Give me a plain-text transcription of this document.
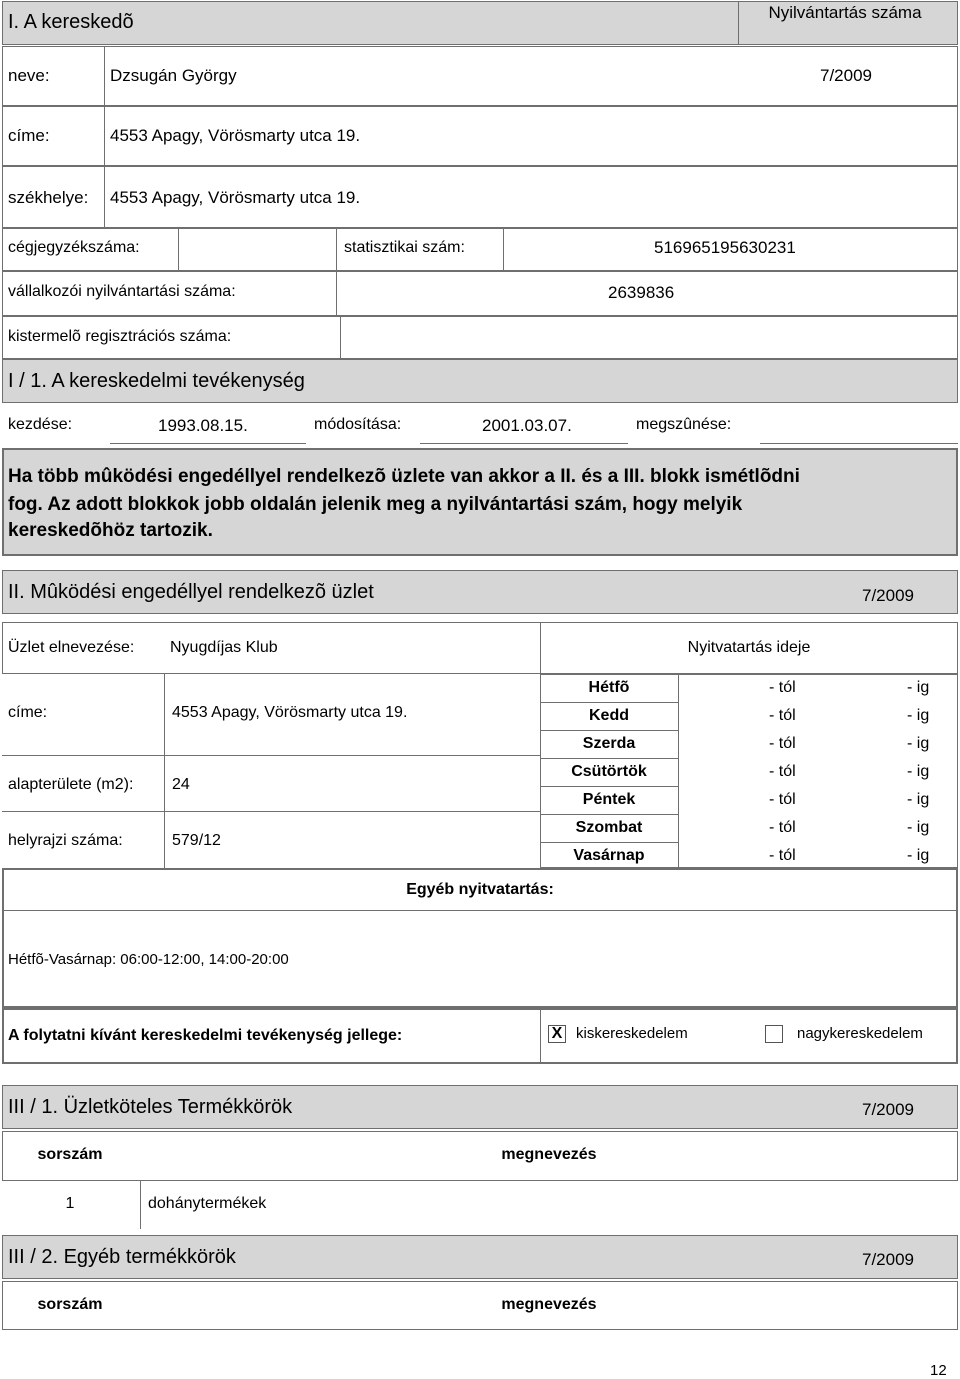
I. A kereskedõ	Nyilvántartás száma
neve:	Dzsugán György	7/2009
címe:	4553 Apagy, Vörösmarty utca 19.
székhelye: 4553 Apagy, Vörösmarty utca 19.
cégjegyzékszáma:	statisztikai szám:	516965195630231
vállalkozói nyilvántartási száma:	2639836
kistermelõ regisztrációs száma:
I / 1. A kereskedelmi tevékenység
kezdése:	1993.08.15.	módosítása:	2001.03.07.	megszûnése:
Ha több mûködési engedéllyel rendelkezõ üzlete van akkor a II. és a III. blokk ismétlõdni
fog. Az adott blokkok jobb oldalán jelenik meg a nyilvántartási szám, hogy melyik
kereskedõhöz tartozik.
II. Mûködési engedéllyel rendelkezõ üzlet	7/2009
Üzlet elnevezése: Nyugdíjas Klub	Nyitvatartás ideje
címe:	4553 Apagy, Vörösmarty utca 19.
alapterülete (m2): 24
helyrajzi száma:	579/12
Hétfõ	- tól	- ig
Kedd	- tól	- ig
Szerda	- tól	- ig
Csütörtök	- tól	- ig
Péntek	- tól	- ig
Szombat	- tól	- ig
Vasárnap	- tól	- ig
Egyéb nyitvatartás:
Hétfõ-Vasárnap: 06:00-12:00, 14:00-20:00
A folytatni kívánt kereskedelmi tevékenység jellege:	X kiskereskedelem	nagykereskedelem
III / 1. Üzletköteles Termékkörök	7/2009
sorszám	megnevezés
1	dohánytermékek
III / 2. Egyéb termékkörök	7/2009
sorszám	megnevezés
12
